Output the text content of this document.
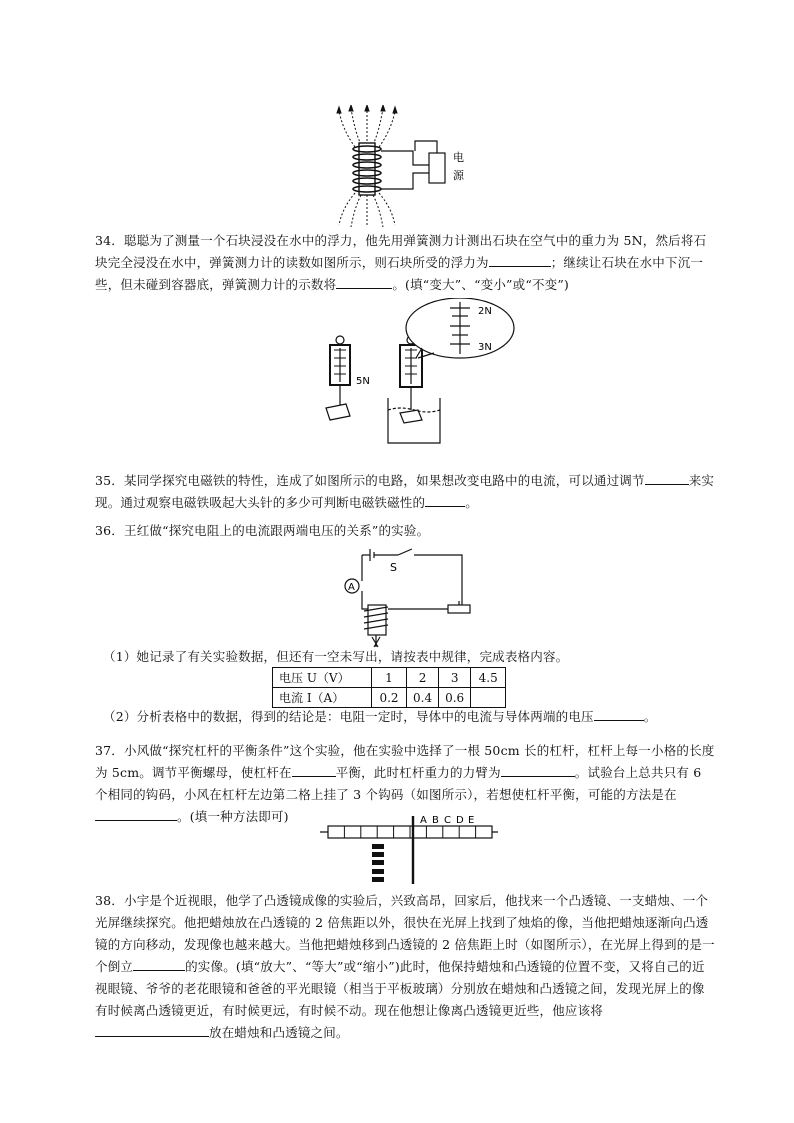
电
源

34．聪聪为了测量一个石块浸没在水中的浮力，他先用弹簧测力计测出石块在空气中的重力为 5N，然后将石块完全浸没在水中，弹簧测力计的读数如图所示，则石块所受的浮力为	；继续让石块在水中下沉一些，但未碰到容器底，弹簧测力计的示数将	。(填“变大”、“变小”或“不变”)

5N
2N
3N

35．某同学探究电磁铁的特性，连成了如图所示的电路，如果想改变电路中的电流，可以通过调节	来实现。通过观察电磁铁吸起大头针的多少可判断电磁铁磁性的	。

36．王红做“探究电阻上的电流跟两端电压的关系”的实验。

A
S

（1）她记录了有关实验数据，但还有一空未写出，请按表中规律，完成表格内容。

电压 U（V）	1	2	3	4.5
电流 I（A）	0.2	0.4	0.6	

（2）分析表格中的数据，得到的结论是：电阻一定时，导体中的电流与导体两端的电压	。

37．小风做“探究杠杆的平衡条件”这个实验，他在实验中选择了一根 50cm 长的杠杆，杠杆上每一小格的长度为 5cm。调节平衡螺母，使杠杆在	平衡，此时杠杆重力的力臂为	。试验台上总共只有 6 个相同的钩码，小风在杠杆左边第二格上挂了 3 个钩码（如图所示），若想使杠杆平衡，可能的方法是在。(填一种方法即可)	A B C D E

38．小宇是个近视眼，他学了凸透镜成像的实验后，兴致高昂，回家后，他找来一个凸透镜、一支蜡烛、一个光屏继续探究。他把蜡烛放在凸透镜的 2 倍焦距以外，很快在光屏上找到了烛焰的像，当他把蜡烛逐渐向凸透镜的方向移动，发现像也越来越大。当他把蜡烛移到凸透镜的 2 倍焦距上时（如图所示），在光屏上得到的是一个倒立	的实像。(填“放大”、“等大”或“缩小”)此时，他保持蜡烛和凸透镜的位置不变，又将自己的近视眼镜、爷爷的老花眼镜和爸爸的平光眼镜（相当于平板玻璃）分别放在蜡烛和凸透镜之间，发现光屏上的像有时候离凸透镜更近，有时候更远，有时候不动。现在他想让像离凸透镜更近些，他应该将放在蜡烛和凸透镜之间。
